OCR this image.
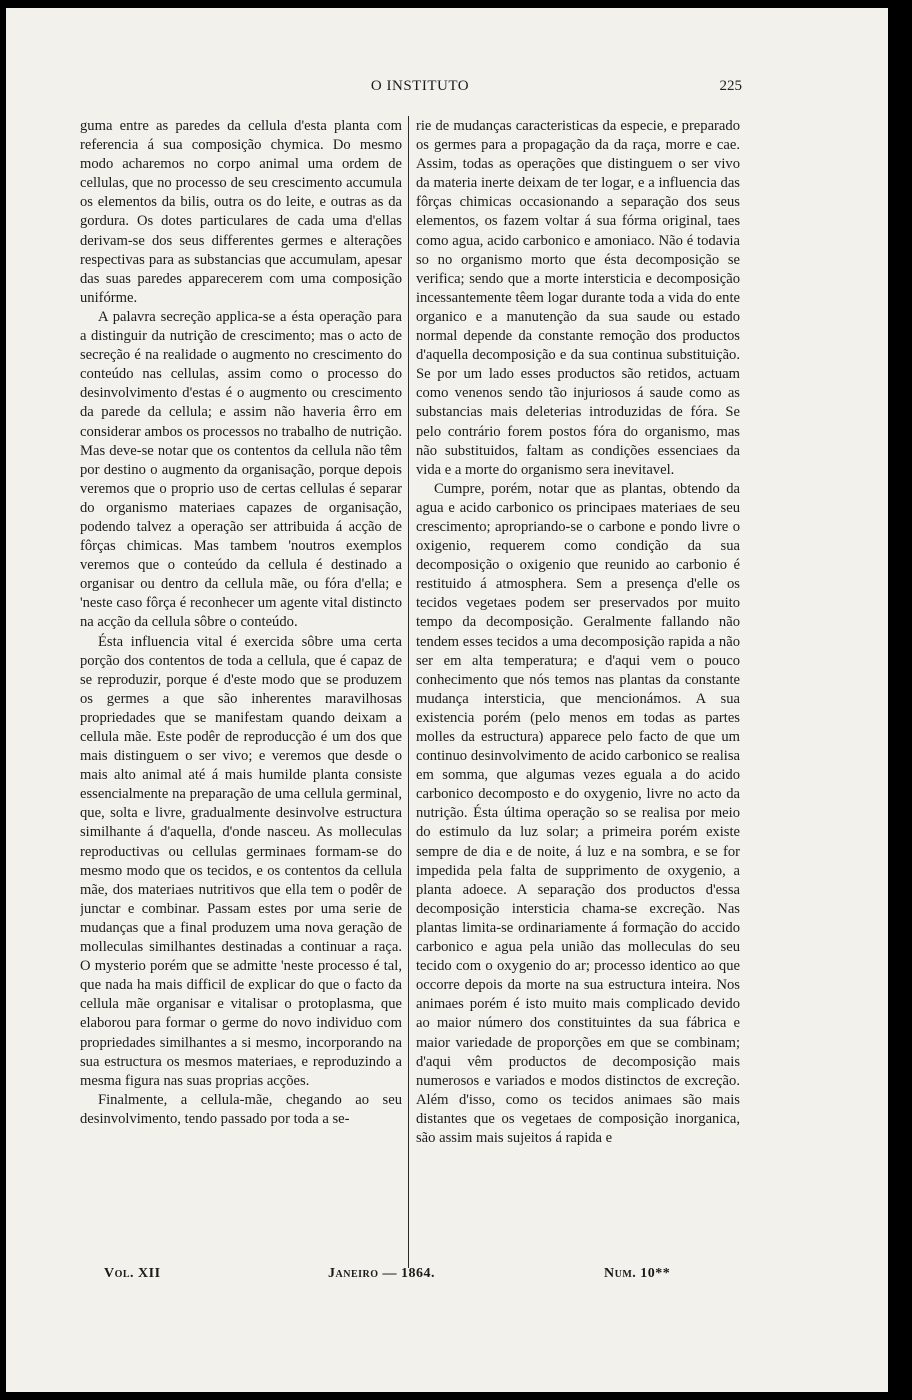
O INSTITUTO	225

guma entre as paredes da cellula d'esta planta com referencia á sua composição chymica. Do mesmo modo acharemos no corpo animal uma ordem de cellulas, que no processo de seu crescimento accumula os elementos da bilis, outra os do leite, e outras as da gordura. Os dotes particulares de cada uma d'ellas derivam-se dos seus differentes germes e alterações respectivas para as substancias que accumulam, apesar das suas paredes apparecerem com uma composição unifórme.

A palavra secreção applica-se a ésta operação para a distinguir da nutrição de crescimento; mas o acto de secreção é na realidade o augmento no crescimento do conteúdo nas cellulas, assim como o processo do desinvolvimento d'estas é o augmento ou crescimento da parede da cellula; e assim não haveria êrro em considerar ambos os processos no trabalho de nutrição. Mas deve-se notar que os contentos da cellula não têm por destino o augmento da organisação, porque depois veremos que o proprio uso de certas cellulas é separar do organismo materiaes capazes de organisação, podendo talvez a operação ser attribuida á acção de fôrças chimicas. Mas tambem 'noutros exemplos veremos que o conteúdo da cellula é destinado a organisar ou dentro da cellula mãe, ou fóra d'ella; e 'neste caso fôrça é reconhecer um agente vital distincto na acção da cellula sôbre o conteúdo.

Ésta influencia vital é exercida sôbre uma certa porção dos contentos de toda a cellula, que é capaz de se reproduzir, porque é d'este modo que se produzem os germes a que são inherentes maravilhosas propriedades que se manifestam quando deixam a cellula mãe. Este podêr de reproducção é um dos que mais distinguem o ser vivo; e veremos que desde o mais alto animal até á mais humilde planta consiste essencialmente na preparação de uma cellula germinal, que, solta e livre, gradualmente desinvolve estructura similhante á d'aquella, d'onde nasceu. As molleculas reproductivas ou cellulas germinaes formam-se do mesmo modo que os tecidos, e os contentos da cellula mãe, dos materiaes nutritivos que ella tem o podêr de junctar e combinar. Passam estes por uma serie de mudanças que a final produzem uma nova geração de molleculas similhantes destinadas a continuar a raça. O mysterio porém que se admitte 'neste processo é tal, que nada ha mais difficil de explicar do que o facto da cellula mãe organisar e vitalisar o protoplasma, que elaborou para formar o germe do novo individuo com propriedades similhantes a si mesmo, incorporando na sua estructura os mesmos materiaes, e reproduzindo a mesma figura nas suas proprias acções.

Finalmente, a cellula-mãe, chegando ao seu desinvolvimento, tendo passado por toda a se-

rie de mudanças caracteristicas da especie, e preparado os germes para a propagação da da raça, morre e cae. Assim, todas as operações que distinguem o ser vivo da materia inerte deixam de ter logar, e a influencia das fôrças chimicas occasionando a separação dos seus elementos, os fazem voltar á sua fórma original, taes como agua, acido carbonico e amoniaco. Não é todavia so no organismo morto que ésta decomposição se verifica; sendo que a morte intersticia e decomposição incessantemente têem logar durante toda a vida do ente organico e a manutenção da sua saude ou estado normal depende da constante remoção dos productos d'aquella decomposição e da sua continua substituição. Se por um lado esses productos são retidos, actuam como venenos sendo tão injuriosos á saude como as substancias mais deleterias introduzidas de fóra. Se pelo contrário forem postos fóra do organismo, mas não substituidos, faltam as condições essenciaes da vida e a morte do organismo sera inevitavel.

Cumpre, porém, notar que as plantas, obtendo da agua e acido carbonico os principaes materiaes de seu crescimento; apropriando-se o carbone e pondo livre o oxigenio, requerem como condição da sua decomposição o oxigenio que reunido ao carbonio é restituido á atmosphera. Sem a presença d'elle os tecidos vegetaes podem ser preservados por muito tempo da decomposição. Geralmente fallando não tendem esses tecidos a uma decomposição rapida a não ser em alta temperatura; e d'aqui vem o pouco conhecimento que nós temos nas plantas da constante mudança intersticia, que mencionámos. A sua existencia porém (pelo menos em todas as partes molles da estructura) apparece pelo facto de que um continuo desinvolvimento de acido carbonico se realisa em somma, que algumas vezes eguala a do acido carbonico decomposto e do oxygenio, livre no acto da nutrição. Ésta última operação so se realisa por meio do estimulo da luz solar; a primeira porém existe sempre de dia e de noite, á luz e na sombra, e se for impedida pela falta de supprimento de oxygenio, a planta adoece. A separação dos productos d'essa decomposição intersticia chama-se excreção. Nas plantas limita-se ordinariamente á formação do accido carbonico e agua pela união das molleculas do seu tecido com o oxygenio do ar; processo identico ao que occorre depois da morte na sua estructura inteira. Nos animaes porém é isto muito mais complicado devido ao maior número dos constituintes da sua fábrica e maior variedade de proporções em que se combinam; d'aqui vêm productos de decomposição mais numerosos e variados e modos distinctos de excreção. Além d'isso, como os tecidos animaes são mais distantes que os vegetaes de composição inorganica, são assim mais sujeitos á rapida e

Vol. XII	Janeiro — 1864.	Num. 10**
